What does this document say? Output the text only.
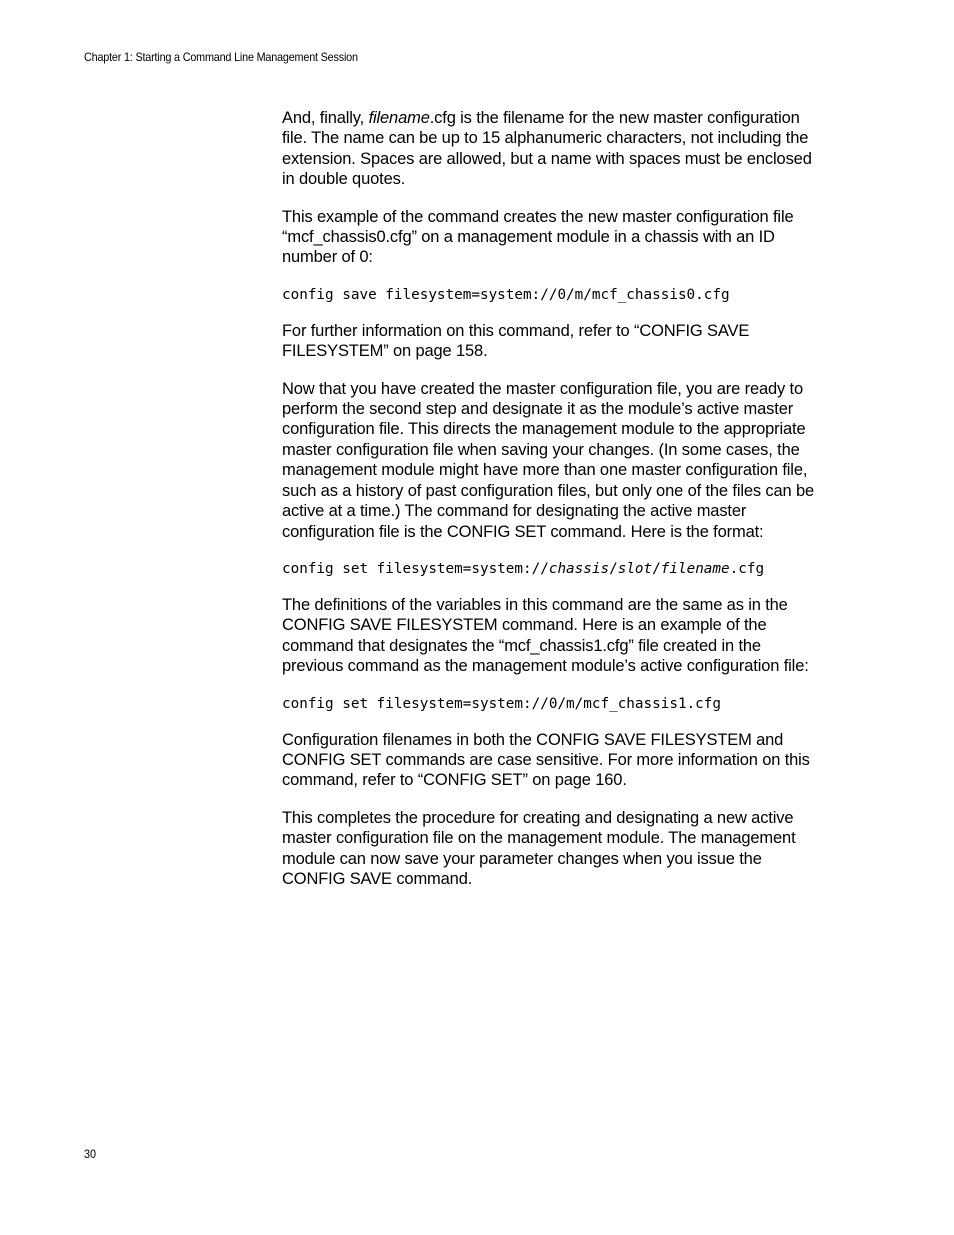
Chapter 1: Starting a Command Line Management Session

And, finally, filename.cfg is the filename for the new master configuration
file. The name can be up to 15 alphanumeric characters, not including the
extension. Spaces are allowed, but a name with spaces must be enclosed
in double quotes.

This example of the command creates the new master configuration file
“mcf_chassis0.cfg” on a management module in a chassis with an ID
number of 0:

config save filesystem=system://0/m/mcf_chassis0.cfg

For further information on this command, refer to “CONFIG SAVE
FILESYSTEM” on page 158.

Now that you have created the master configuration file, you are ready to
perform the second step and designate it as the module’s active master
configuration file. This directs the management module to the appropriate
master configuration file when saving your changes. (In some cases, the
management module might have more than one master configuration file,
such as a history of past configuration files, but only one of the files can be
active at a time.) The command for designating the active master
configuration file is the CONFIG SET command. Here is the format:

config set filesystem=system://chassis/slot/filename.cfg

The definitions of the variables in this command are the same as in the
CONFIG SAVE FILESYSTEM command. Here is an example of the
command that designates the “mcf_chassis1.cfg” file created in the
previous command as the management module’s active configuration file:

config set filesystem=system://0/m/mcf_chassis1.cfg

Configuration filenames in both the CONFIG SAVE FILESYSTEM and
CONFIG SET commands are case sensitive. For more information on this
command, refer to “CONFIG SET” on page 160.

This completes the procedure for creating and designating a new active
master configuration file on the management module. The management
module can now save your parameter changes when you issue the
CONFIG SAVE command.

30
